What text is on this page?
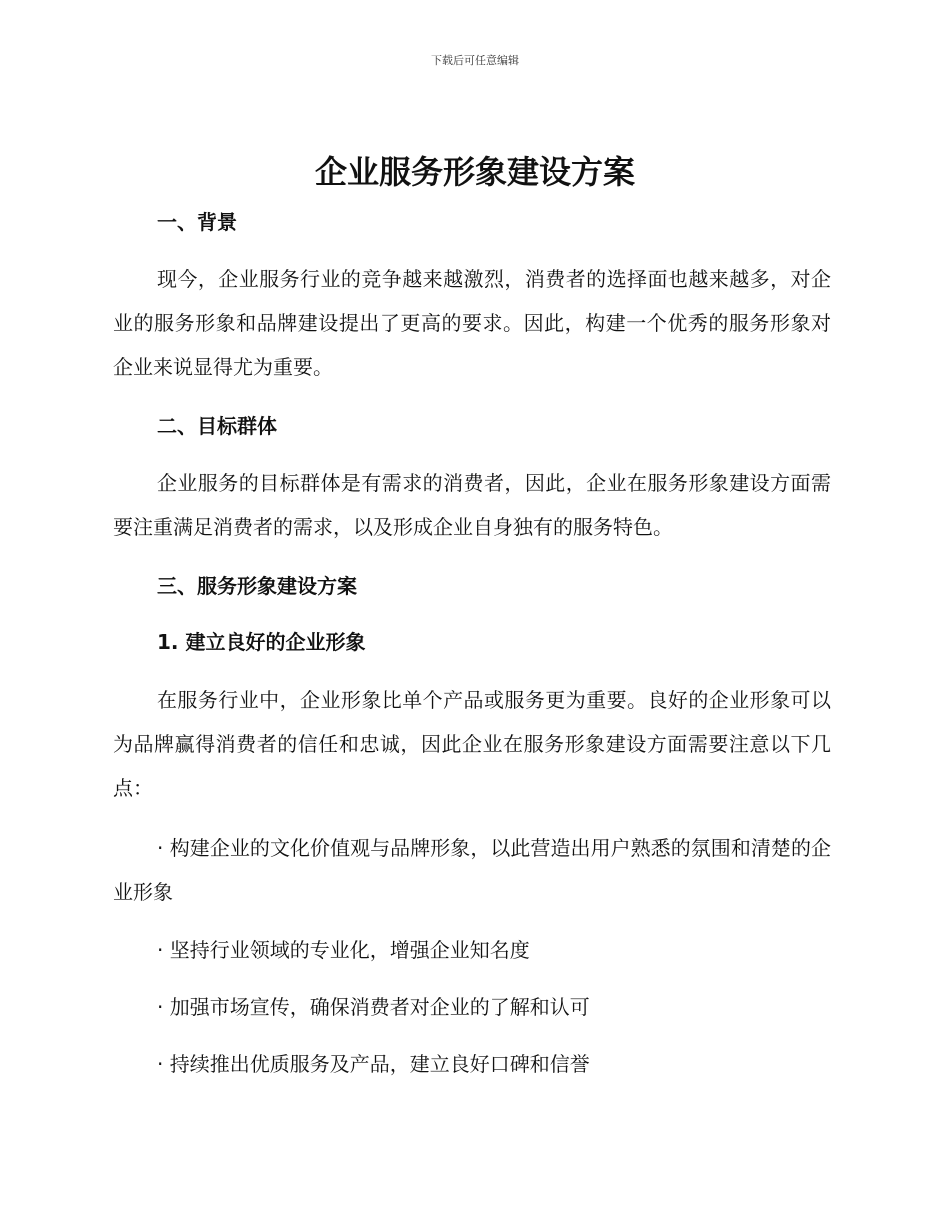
下载后可任意编辑
企业服务形象建设方案
一、背景

现今，企业服务行业的竞争越来越激烈，消费者的选择面也越来越多，对企业的服务形象和品牌建设提出了更高的要求。因此，构建一个优秀的服务形象对企业来说显得尤为重要。

二、目标群体

企业服务的目标群体是有需求的消费者，因此，企业在服务形象建设方面需要注重满足消费者的需求，以及形成企业自身独有的服务特色。

三、服务形象建设方案
1. 建立良好的企业形象

在服务行业中，企业形象比单个产品或服务更为重要。良好的企业形象可以为品牌赢得消费者的信任和忠诚，因此企业在服务形象建设方面需要注意以下几点：

· 构建企业的文化价值观与品牌形象，以此营造出用户熟悉的氛围和清楚的企业形象

· 坚持行业领域的专业化，增强企业知名度

· 加强市场宣传，确保消费者对企业的了解和认可

· 持续推出优质服务及产品，建立良好口碑和信誉
